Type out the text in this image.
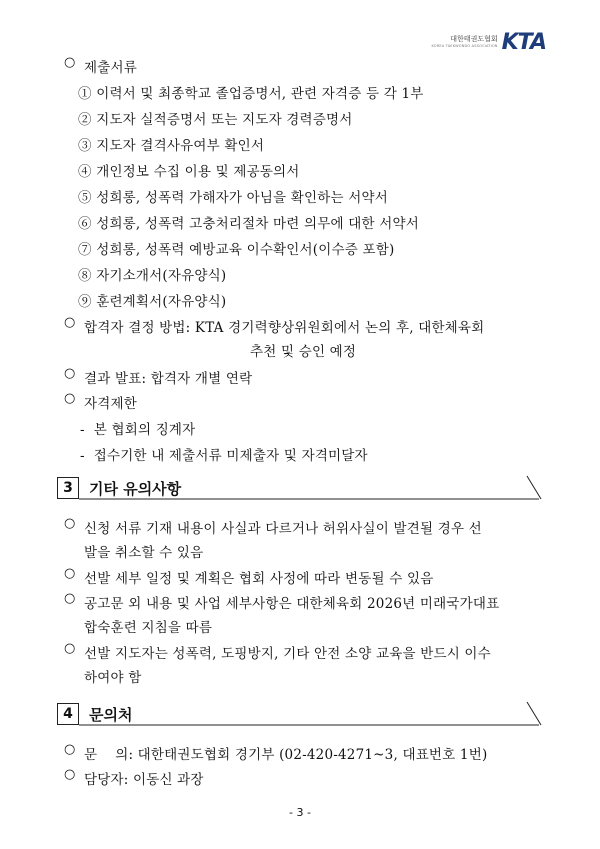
대한태권도협회
KOREA TAEKWONDO ASSOCIATION KTA
○ 제출서류
① 이력서 및 최종학교 졸업증명서, 관련 자격증 등 각 1부
② 지도자 실적증명서 또는 지도자 경력증명서
③ 지도자 결격사유여부 확인서
④ 개인정보 수집 이용 및 제공동의서
⑤ 성희롱, 성폭력 가해자가 아님을 확인하는 서약서
⑥ 성희롱, 성폭력 고충처리절차 마련 의무에 대한 서약서
⑦ 성희롱, 성폭력 예방교육 이수확인서(이수증 포함)
⑧ 자기소개서(자유양식)
⑨ 훈련계획서(자유양식)
○ 합격자 결정 방법: KTA 경기력향상위원회에서 논의 후, 대한체육회
추천 및 승인 예정
○ 결과 발표: 합격자 개별 연락
○ 자격제한
- 본 협회의 징계자
- 접수기한 내 제출서류 미제출자 및 자격미달자
3	기타 유의사항
○ 신청 서류 기재 내용이 사실과 다르거나 허위사실이 발견될 경우 선
발을 취소할 수 있음
○ 선발 세부 일정 및 계획은 협회 사정에 따라 변동될 수 있음
○ 공고문 외 내용 및 사업 세부사항은 대한체육회 2026년 미래국가대표
합숙훈련 지침을 따름
○ 선발 지도자는 성폭력, 도핑방지, 기타 안전 소양 교육을 반드시 이수
하여야 함
4	문의처
○ 문    의: 대한태권도협회 경기부 (02-420-4271~3, 대표번호 1번)
○ 담당자: 이동신 과장
- 3 -
